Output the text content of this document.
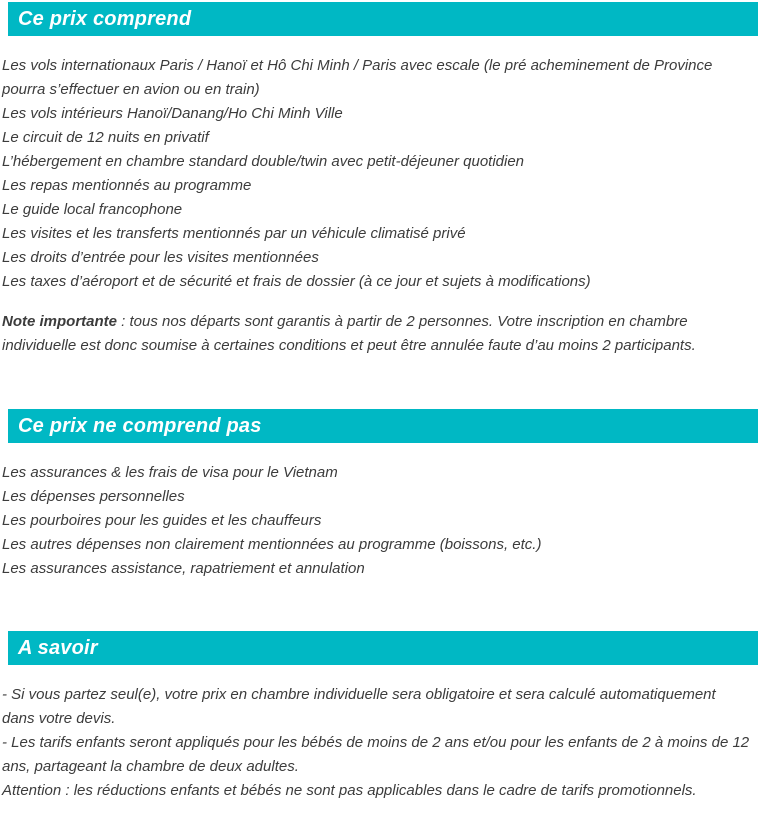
Ce prix comprend

Les vols internationaux Paris / Hanoï et Hô Chi Minh / Paris avec escale (le pré acheminement de Province pourra s’effectuer en avion ou en train)

Les vols intérieurs Hanoï/Danang/Ho Chi Minh Ville

Le circuit de 12 nuits en privatif

L’hébergement en chambre standard double/twin avec petit-déjeuner quotidien

Les repas mentionnés au programme

Le guide local francophone

Les visites et les transferts mentionnés par un véhicule climatisé privé

Les droits d’entrée pour les visites mentionnées

Les taxes d’aéroport et de sécurité et frais de dossier (à ce jour et sujets à modifications)

Note importante : tous nos départs sont garantis à partir de 2 personnes. Votre inscription en chambre individuelle est donc soumise à certaines conditions et peut être annulée faute d’au moins 2 participants.

Ce prix ne comprend pas

Les assurances & les frais de visa pour le Vietnam

Les dépenses personnelles

Les pourboires pour les guides et les chauffeurs

Les autres dépenses non clairement mentionnées au programme (boissons, etc.)

Les assurances assistance, rapatriement et annulation

A savoir

- Si vous partez seul(e), votre prix en chambre individuelle sera obligatoire et sera calculé automatiquement dans votre devis.

- Les tarifs enfants seront appliqués pour les bébés de moins de 2 ans et/ou pour les enfants de 2 à moins de 12 ans, partageant la chambre de deux adultes.

Attention : les réductions enfants et bébés ne sont pas applicables dans le cadre de tarifs promotionnels.
